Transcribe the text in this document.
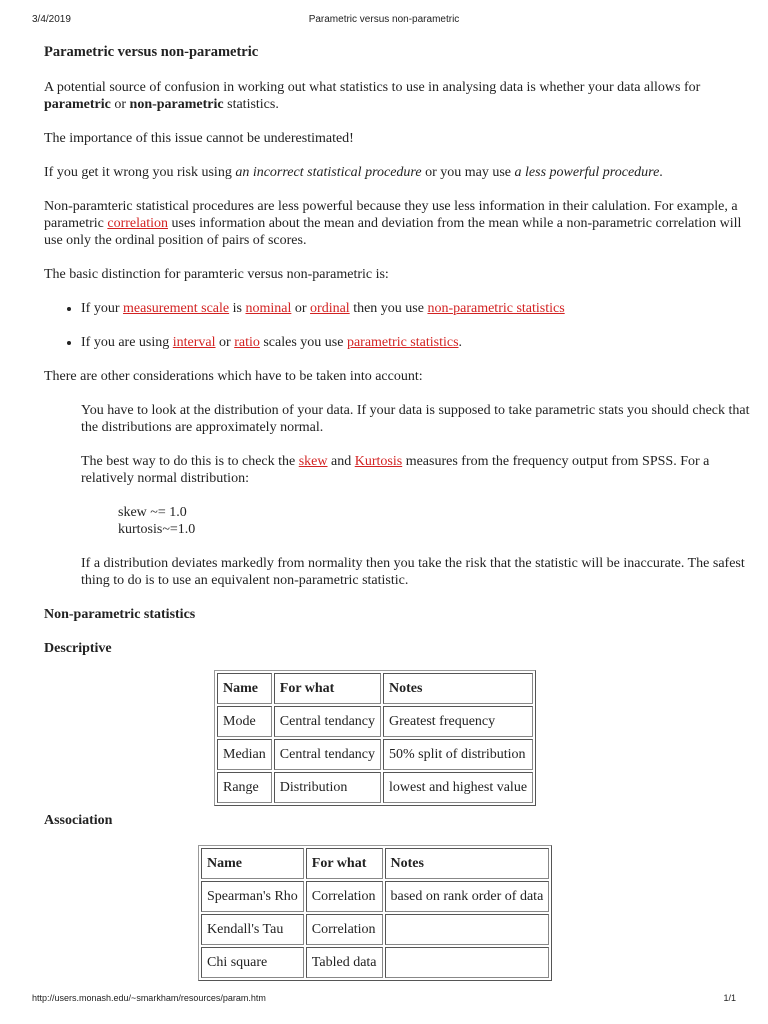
3/4/2019	Parametric versus non-parametric
Parametric versus non-parametric

A potential source of confusion in working out what statistics to use in analysing data is whether your data allows for parametric or non-parametric statistics.

The importance of this issue cannot be underestimated!

If you get it wrong you risk using an incorrect statistical procedure or you may use a less powerful procedure.

Non-paramteric statistical procedures are less powerful because they use less information in their calulation. For example, a parametric correlation uses information about the mean and deviation from the mean while a non-parametric correlation will use only the ordinal position of pairs of scores.

The basic distinction for paramteric versus non-parametric is:

• If your measurement scale is nominal or ordinal then you use non-parametric statistics
• If you are using interval or ratio scales you use parametric statistics.

There are other considerations which have to be taken into account:

You have to look at the distribution of your data. If your data is supposed to take parametric stats you should check that the distributions are approximately normal.

The best way to do this is to check the skew and Kurtosis measures from the frequency output from SPSS. For a relatively normal distribution:

skew ~= 1.0
kurtosis~=1.0

If a distribution deviates markedly from normality then you take the risk that the statistic will be inaccurate. The safest thing to do is to use an equivalent non-parametric statistic.

Non-parametric statistics
Descriptive
Name	For what	Notes
Mode	Central tendancy	Greatest frequency
Median	Central tendancy	50% split of distribution
Range	Distribution	lowest and highest value
Association
Name	For what	Notes
Spearman's Rho	Correlation	based on rank order of data
Kendall's Tau	Correlation	
Chi square	Tabled data	
http://users.monash.edu/~smarkham/resources/param.htm	1/1
